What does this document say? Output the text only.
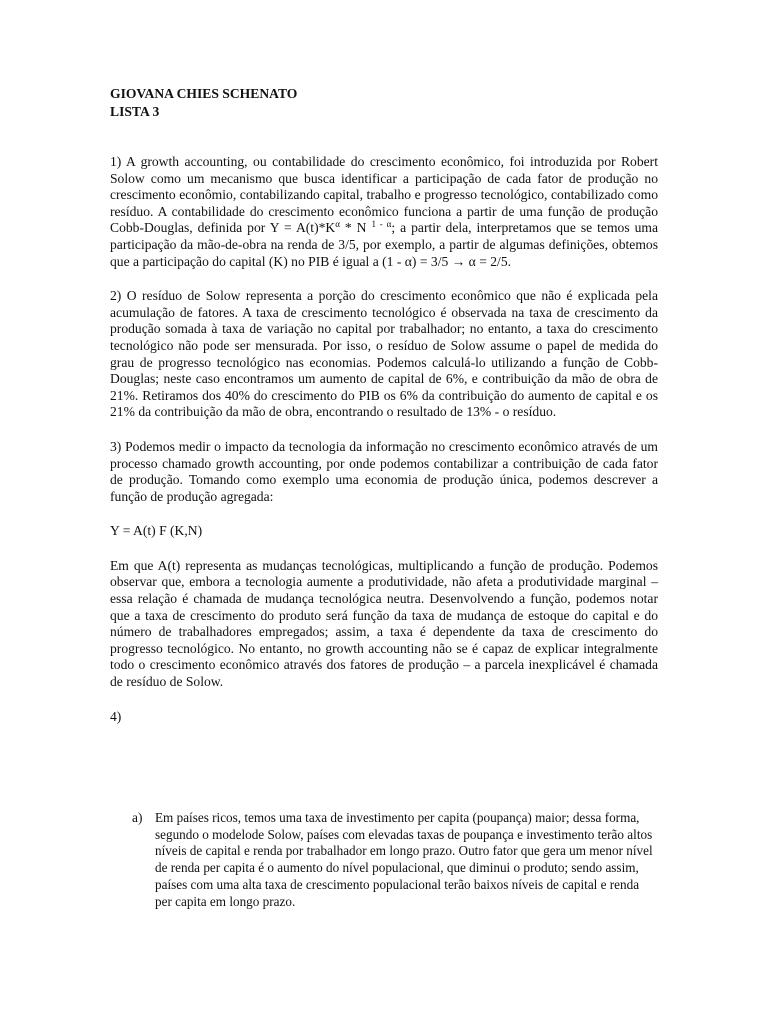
GIOVANA CHIES SCHENATO
LISTA 3

1) A growth accounting, ou contabilidade do crescimento econômico, foi introduzida por Robert Solow como um mecanismo que busca identificar a participação de cada fator de produção no crescimento econômio, contabilizando capital, trabalho e progresso tecnológico, contabilizado como resíduo. A contabilidade do crescimento econômico funciona a partir de uma função de produção Cobb-Douglas, definida por $Y = A(t)*K^\alpha * N$ $^{1 - \alpha}$; a partir dela, interpretamos que se temos uma participação da mão-de-obra na renda de 3/5, por exemplo, a partir de algumas definições, obtemos que a participação do capital (K) no PIB é igual a (1 - α) = 3/5 → α = 2/5.

2) O resíduo de Solow representa a porção do crescimento econômico que não é explicada pela acumulação de fatores. A taxa de crescimento tecnológico é observada na taxa de crescimento da produção somada à taxa de variação no capital por trabalhador; no entanto, a taxa do crescimento tecnológico não pode ser mensurada. Por isso, o resíduo de Solow assume o papel de medida do grau de progresso tecnológico nas economias. Podemos calculá-lo utilizando a função de Cobb-Douglas; neste caso encontramos um aumento de capital de 6%, e contribuição da mão de obra de 21%. Retiramos dos 40% do crescimento do PIB os 6% da contribuição do aumento de capital e os 21% da contribuição da mão de obra, encontrando o resultado de 13% - o resíduo.

3) Podemos medir o impacto da tecnologia da informação no crescimento econômico através de um processo chamado growth accounting, por onde podemos contabilizar a contribuição de cada fator de produção. Tomando como exemplo uma economia de produção única, podemos descrever a função de produção agregada:

Y = A(t) F (K,N)

Em que A(t) representa as mudanças tecnológicas, multiplicando a função de produção. Podemos observar que, embora a tecnologia aumente a produtividade, não afeta a produtividade marginal – essa relação é chamada de mudança tecnológica neutra. Desenvolvendo a função, podemos notar que a taxa de crescimento do produto será função da taxa de mudança de estoque do capital e do número de trabalhadores empregados; assim, a taxa é dependente da taxa de crescimento do progresso tecnológico. No entanto, no growth accounting não se é capaz de explicar integralmente todo o crescimento econômico através dos fatores de produção – a parcela inexplicável é chamada de resíduo de Solow.

4)

a) Em países ricos, temos uma taxa de investimento per capita (poupança) maior; dessa forma, segundo o modelode Solow, países com elevadas taxas de poupança e investimento terão altos níveis de capital e renda por trabalhador em longo prazo. Outro fator que gera um menor nível de renda per capita é o aumento do nível populacional, que diminui o produto; sendo assim, países com uma alta taxa de crescimento populacional terão baixos níveis de capital e renda per capita em longo prazo.
